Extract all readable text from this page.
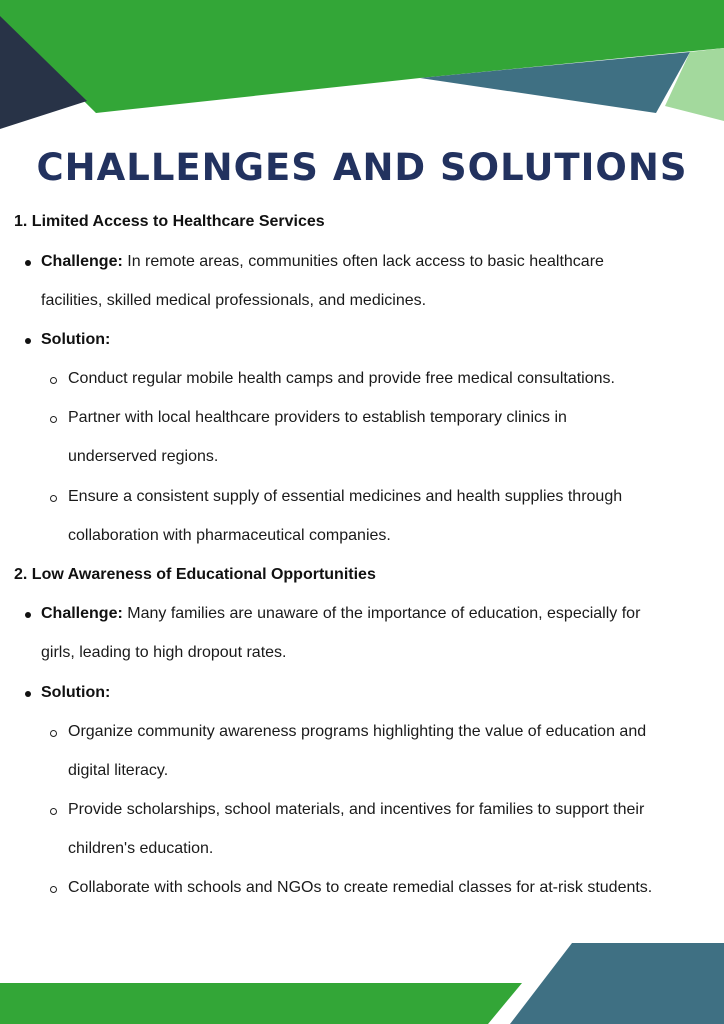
CHALLENGES AND SOLUTIONS
1. Limited Access to Healthcare Services
Challenge: In remote areas, communities often lack access to basic healthcare
facilities, skilled medical professionals, and medicines.
Solution:
Conduct regular mobile health camps and provide free medical consultations.
Partner with local healthcare providers to establish temporary clinics in
underserved regions.
Ensure a consistent supply of essential medicines and health supplies through
collaboration with pharmaceutical companies.
2. Low Awareness of Educational Opportunities
Challenge: Many families are unaware of the importance of education, especially for
girls, leading to high dropout rates.
Solution:
Organize community awareness programs highlighting the value of education and
digital literacy.
Provide scholarships, school materials, and incentives for families to support their
children's education.
Collaborate with schools and NGOs to create remedial classes for at-risk students.
